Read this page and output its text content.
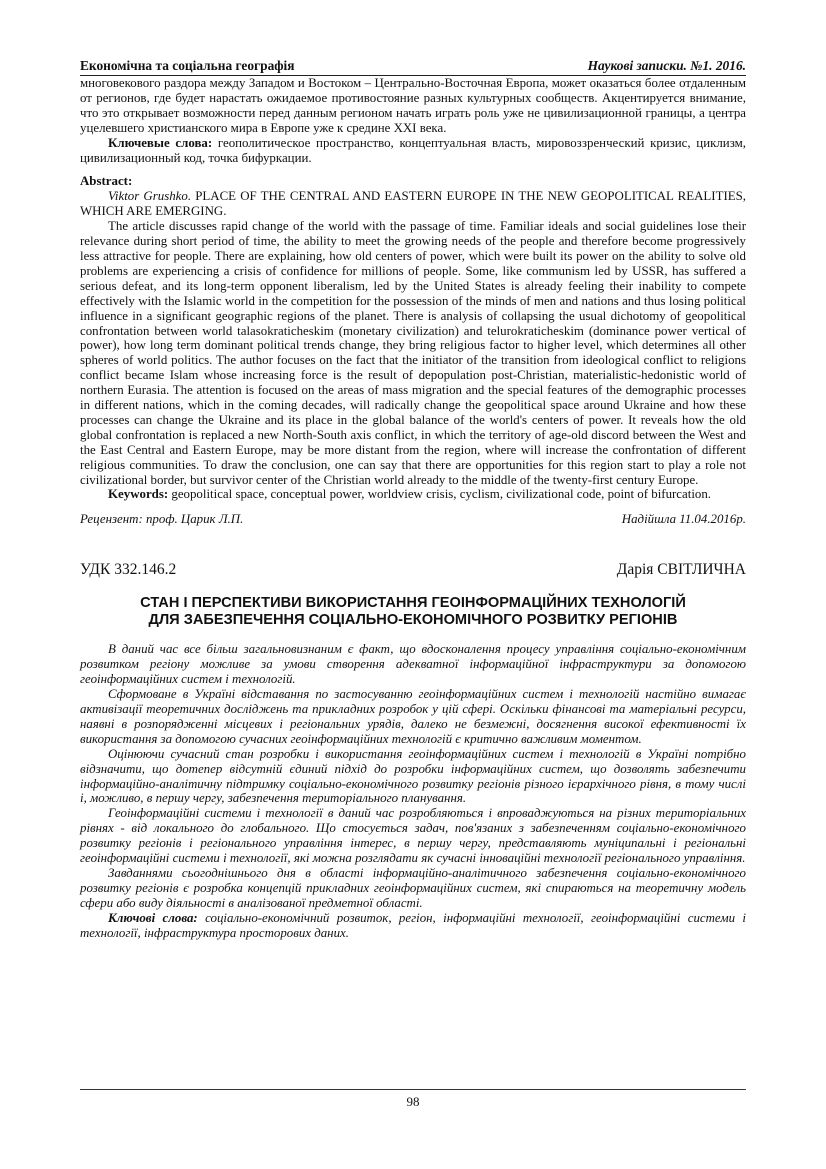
Економічна та соціальна географія	Наукові записки. №1. 2016.

многовекового раздора между Западом и Востоком – Центрально-Восточная Европа, может оказаться более отдаленным от регионов, где будет нарастать ожидаемое противостояние разных культурных сообществ. Акцентируется внимание, что это открывает возможности перед данным регионом начать играть роль уже не цивилизационной границы, а центра уцелевшего христианского мира в Европе уже к средине XXI века.

Ключевые слова: геополитическое пространство, концептуальная власть, мировоззренческий кризис, циклизм, цивилизационный код, точка бифуркации.

Abstract:

Viktor Grushko. PLACE OF THE CENTRAL AND EASTERN EUROPE IN THE NEW GEOPOLITICAL REALITIES, WHICH ARE EMERGING.

The article discusses rapid change of the world with the passage of time. Familiar ideals and social guidelines lose their relevance during short period of time, the ability to meet the growing needs of the people and therefore become progressively less attractive for people. There are explaining, how old centers of power, which were built its power on the ability to solve old problems are experiencing a crisis of confidence for millions of people. Some, like communism led by USSR, has suffered a serious defeat, and its long-term opponent liberalism, led by the United States is already feeling their inability to compete effectively with the Islamic world in the competition for the possession of the minds of men and nations and thus losing political influence in a significant geographic regions of the planet. There is analysis of collapsing the usual dichotomy of geopolitical confrontation between world talasokraticheskim (monetary civilization) and telurokraticheskim (dominance power vertical of power), how long term dominant political trends change, they bring religious factor to higher level, which determines all other spheres of world politics. The author focuses on the fact that the initiator of the transition from ideological conflict to religions conflict became Islam whose increasing force is the result of depopulation post-Christian, materialistic-hedonistic world of northern Eurasia. The attention is focused on the areas of mass migration and the special features of the demographic processes in different nations, which in the coming decades, will radically change the geopolitical space around Ukraine and how these processes can change the Ukraine and its place in the global balance of the world's centers of power. It reveals how the old global confrontation is replaced a new North-South axis conflict, in which the territory of age-old discord between the West and the East Central and Eastern Europe, may be more distant from the region, where will increase the confrontation of different religious communities. To draw the conclusion, one can say that there are opportunities for this region start to play a role not civilizational border, but survivor center of the Christian world already to the middle of the twenty-first century Europe.

Keywords: geopolitical space, conceptual power, worldview crisis, cyclism, civilizational code, point of bifurcation.

Рецензент: проф. Царик Л.П.	Надійшла 11.04.2016р.
УДК 332.146.2	Дарія СВІТЛИЧНА
СТАН І ПЕРСПЕКТИВИ ВИКОРИСТАННЯ ГЕОІНФОРМАЦІЙНИХ ТЕХНОЛОГІЙ
ДЛЯ ЗАБЕЗПЕЧЕННЯ СОЦІАЛЬНО-ЕКОНОМІЧНОГО РОЗВИТКУ РЕГІОНІВ

В даний час все більш загальновизнаним є факт, що вдосконалення процесу управління соціально-економічним розвитком регіону можливе за умови створення адекватної інформаційної інфраструктури за допомогою геоінформаційних систем і технологій.

Сформоване в Україні відставання по застосуванню геоінформаційних систем і технологій настійно вимагає активізації теоретичних досліджень та прикладних розробок у цій сфері. Оскільки фінансові та матеріальні ресурси, наявні в розпорядженні місцевих і регіональних урядів, далеко не безмежні, досягнення високої ефективності їх використання за допомогою сучасних геоінформаційних технологій є критично важливим моментом.

Оцінюючи сучасний стан розробки і використання геоінформаційних систем і технологій в Україні потрібно відзначити, що дотепер відсутній єдиний підхід до розробки інформаційних систем, що дозволять забезпечити інформаційно-аналітичну підтримку соціально-економічного розвитку регіонів різного ієрархічного рівня, в тому числі і, можливо, в першу чергу, забезпечення територіального планування.

Геоінформаційні системи і технології в даний час розробляються і впроваджуються на різних територіальних рівнях - від локального до глобального. Що стосується задач, пов'язаних з забезпеченням соціально-економічного розвитку регіонів і регіонального управління інтерес, в першу чергу, представляють муніципальні і регіональні геоінформаційні системи і технології, які можна розглядати як сучасні інноваційні технології регіонального управління.

Завданнями сьогоднішнього дня в області інформаційно-аналітичного забезпечення соціально-економічного розвитку регіонів є розробка концепцій прикладних геоінформаційних систем, які спираються на теоретичну модель сфери або виду діяльності в аналізованої предметної області.

Ключові слова: соціально-економічний розвиток, регіон, інформаційні технології, геоінформаційні системи і технології, інфраструктура просторових даних.

98
